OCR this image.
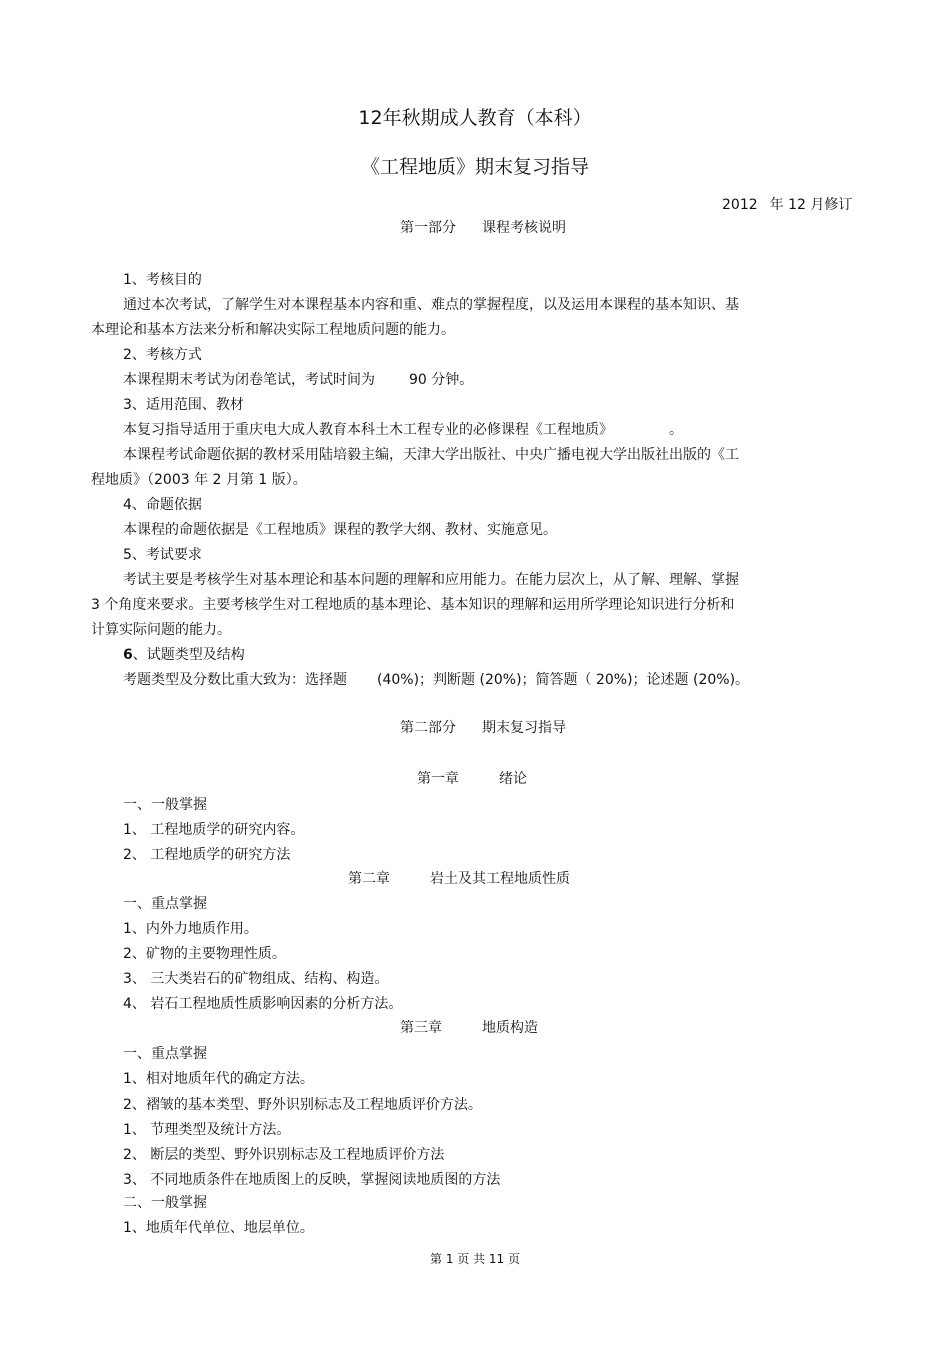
12年秋期成人教育（本科）
《工程地质》期末复习指导
2012 年 12 月修订
第一部分 课程考核说明
1、考核目的
通过本次考试，了解学生对本课程基本内容和重、难点的掌握程度，以及运用本课程的基本知识、基
本理论和基本方法来分析和解决实际工程地质问题的能力。
2、考核方式
本课程期末考试为闭卷笔试，考试时间为 90 分钟。
3、适用范围、教材
本复习指导适用于重庆电大成人教育本科土木工程专业的必修课程《工程地质》	。
本课程考试命题依据的教材采用陆培毅主编，天津大学出版社、中央广播电视大学出版社出版的《工
程地质》（2003 年 2 月第 1 版）。
4、命题依据
本课程的命题依据是《工程地质》课程的教学大纲、教材、实施意见。
5、考试要求
考试主要是考核学生对基本理论和基本问题的理解和应用能力。在能力层次上，从了解、理解、掌握
3 个角度来要求。主要考核学生对工程地质的基本理论、基本知识的理解和运用所学理论知识进行分析和
计算实际问题的能力。
6、试题类型及结构
考题类型及分数比重大致为：选择题 (40%)；判断题 (20%)；简答题（ 20%)；论述题 (20%)。
第二部分 期末复习指导
第一章	绪论
一、一般掌握
1、 工程地质学的研究内容。
2、 工程地质学的研究方法
第二章	岩土及其工程地质性质
一、重点掌握
1、内外力地质作用。
2、矿物的主要物理性质。
3、 三大类岩石的矿物组成、结构、构造。
4、 岩石工程地质性质影响因素的分析方法。
第三章	地质构造
一、重点掌握
1、相对地质年代的确定方法。
2、褶皱的基本类型、野外识别标志及工程地质评价方法。
1、 节理类型及统计方法。
2、 断层的类型、野外识别标志及工程地质评价方法
3、 不同地质条件在地质图上的反映，掌握阅读地质图的方法
二、一般掌握
1、地质年代单位、地层单位。
第 1 页 共 11 页
